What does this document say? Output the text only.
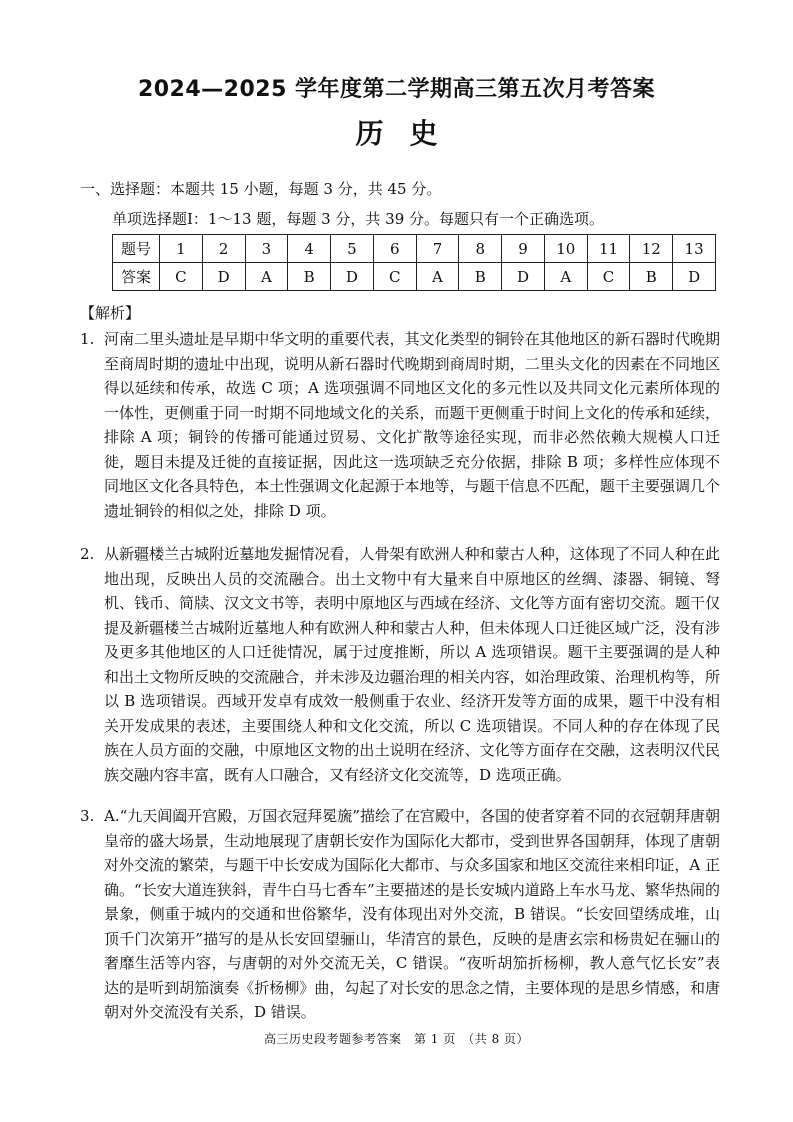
2024—2025 学年度第二学期高三第五次月考答案
历史
一、选择题：本题共 15 小题，每题 3 分，共 45 分。
单项选择题Ⅰ：1～13 题，每题 3 分，共 39 分。每题只有一个正确选项。
题号	1	2	3	4	5	6	7	8	9	10	11	12	13
答案	C	D	A	B	D	C	A	B	D	A	C	B	D
【解析】
1. 河南二里头遗址是早期中华文明的重要代表，其文化类型的铜铃在其他地区的新石器时代晚期至商周时期的遗址中出现，说明从新石器时代晚期到商周时期，二里头文化的因素在不同地区得以延续和传承，故选 C 项；A 选项强调不同地区文化的多元性以及共同文化元素所体现的一体性，更侧重于同一时期不同地域文化的关系，而题干更侧重于时间上文化的传承和延续，排除 A 项；铜铃的传播可能通过贸易、文化扩散等途径实现，而非必然依赖大规模人口迁徙，题目未提及迁徙的直接证据，因此这一选项缺乏充分依据，排除 B 项；多样性应体现不同地区文化各具特色，本土性强调文化起源于本地等，与题干信息不匹配，题干主要强调几个遗址铜铃的相似之处，排除 D 项。
2. 从新疆楼兰古城附近墓地发掘情况看，人骨架有欧洲人种和蒙古人种，这体现了不同人种在此地出现，反映出人员的交流融合。出土文物中有大量来自中原地区的丝绸、漆器、铜镜、弩机、钱币、简牍、汉文文书等，表明中原地区与西域在经济、文化等方面有密切交流。题干仅提及新疆楼兰古城附近墓地人种有欧洲人种和蒙古人种，但未体现人口迁徙区域广泛，没有涉及更多其他地区的人口迁徙情况，属于过度推断，所以 A 选项错误。题干主要强调的是人种和出土文物所反映的交流融合，并未涉及边疆治理的相关内容，如治理政策、治理机构等，所以 B 选项错误。西域开发卓有成效一般侧重于农业、经济开发等方面的成果，题干中没有相关开发成果的表述，主要围绕人种和文化交流，所以 C 选项错误。不同人种的存在体现了民族在人员方面的交融，中原地区文物的出土说明在经济、文化等方面存在交融，这表明汉代民族交融内容丰富，既有人口融合，又有经济文化交流等，D 选项正确。
3. A.“九天阊阖开宫殿，万国衣冠拜冕旒”描绘了在宫殿中，各国的使者穿着不同的衣冠朝拜唐朝皇帝的盛大场景，生动地展现了唐朝长安作为国际化大都市，受到世界各国朝拜，体现了唐朝对外交流的繁荣，与题干中长安成为国际化大都市、与众多国家和地区交流往来相印证，A 正确。“长安大道连狭斜，青牛白马七香车”主要描述的是长安城内道路上车水马龙、繁华热闹的景象，侧重于城内的交通和世俗繁华，没有体现出对外交流，B 错误。“长安回望绣成堆，山顶千门次第开”描写的是从长安回望骊山，华清宫的景色，反映的是唐玄宗和杨贵妃在骊山的奢靡生活等内容，与唐朝的对外交流无关，C 错误。“夜听胡笳折杨柳，教人意气忆长安”表达的是听到胡笳演奏《折杨柳》曲，勾起了对长安的思念之情，主要体现的是思乡情感，和唐朝对外交流没有关系，D 错误。
高三历史段考题参考答案　第 1 页　（共 8 页）
